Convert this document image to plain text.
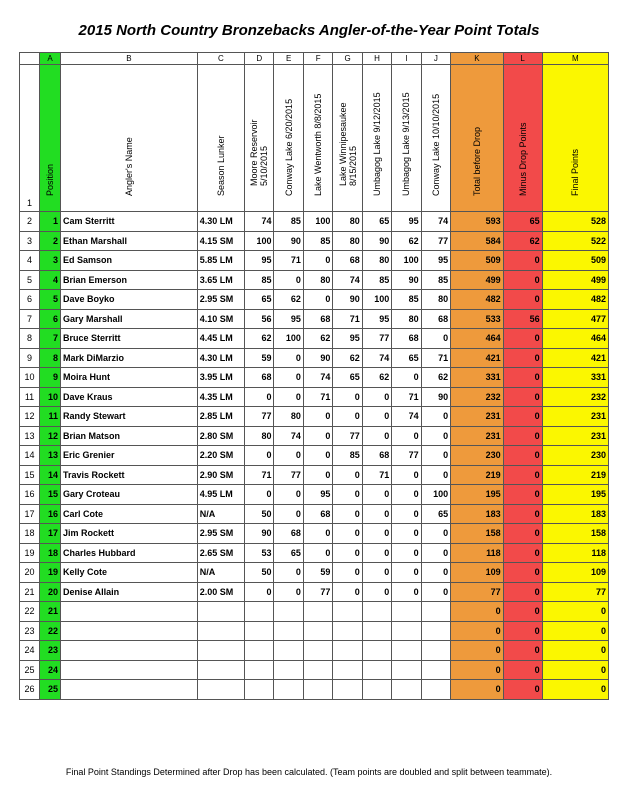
2015 North Country Bronzebacks Angler-of-the-Year Point Totals
	A	B	C	D	E	F	G	H	I	J	K	L	M
1	Position	Angler's Name	Season Lunker	Moore Reservoir
5/10/2015	Conway Lake 6/20/2015	Lake Wentworth 8/8/2015	Lake Winnipesaukee
8/15/2015	Umbagog Lake 9/12/2015	Umbagog Lake 9/13/2015	Conway Lake 10/10/2015	Total before Drop	Minus Drop Points	Final Points

2	1	Cam Sterritt	4.30 LM	74	85	100	80	65	95	74	593	65	528
3	2	Ethan Marshall	4.15 SM	100	90	85	80	90	62	77	584	62	522
4	3	Ed Samson	5.85 LM	95	71	0	68	80	100	95	509	0	509
5	4	Brian Emerson	3.65 LM	85	0	80	74	85	90	85	499	0	499
6	5	Dave Boyko	2.95 SM	65	62	0	90	100	85	80	482	0	482
7	6	Gary Marshall	4.10 SM	56	95	68	71	95	80	68	533	56	477
8	7	Bruce Sterritt	4.45 LM	62	100	62	95	77	68	0	464	0	464
9	8	Mark DiMarzio	4.30 LM	59	0	90	62	74	65	71	421	0	421
10	9	Moira Hunt	3.95 LM	68	0	74	65	62	0	62	331	0	331
11	10	Dave Kraus	4.35 LM	0	0	71	0	0	71	90	232	0	232
12	11	Randy Stewart	2.85 LM	77	80	0	0	0	74	0	231	0	231
13	12	Brian Matson	2.80 SM	80	74	0	77	0	0	0	231	0	231
14	13	Eric Grenier	2.20 SM	0	0	0	85	68	77	0	230	0	230
15	14	Travis Rockett	2.90 SM	71	77	0	0	71	0	0	219	0	219
16	15	Gary Croteau	4.95 LM	0	0	95	0	0	0	100	195	0	195
17	16	Carl Cote	N/A	50	0	68	0	0	0	65	183	0	183
18	17	Jim Rockett	2.95 SM	90	68	0	0	0	0	0	158	0	158
19	18	Charles Hubbard	2.65 SM	53	65	0	0	0	0	0	118	0	118
20	19	Kelly Cote	N/A	50	0	59	0	0	0	0	109	0	109
21	20	Denise Allain	2.00 SM	0	0	77	0	0	0	0	77	0	77
22	21										0	0	0
23	22										0	0	0
24	23										0	0	0
25	24										0	0	0
26	25										0	0	0
Final Point Standings Determined after Drop has been calculated. (Team points are doubled and split between teammate).
